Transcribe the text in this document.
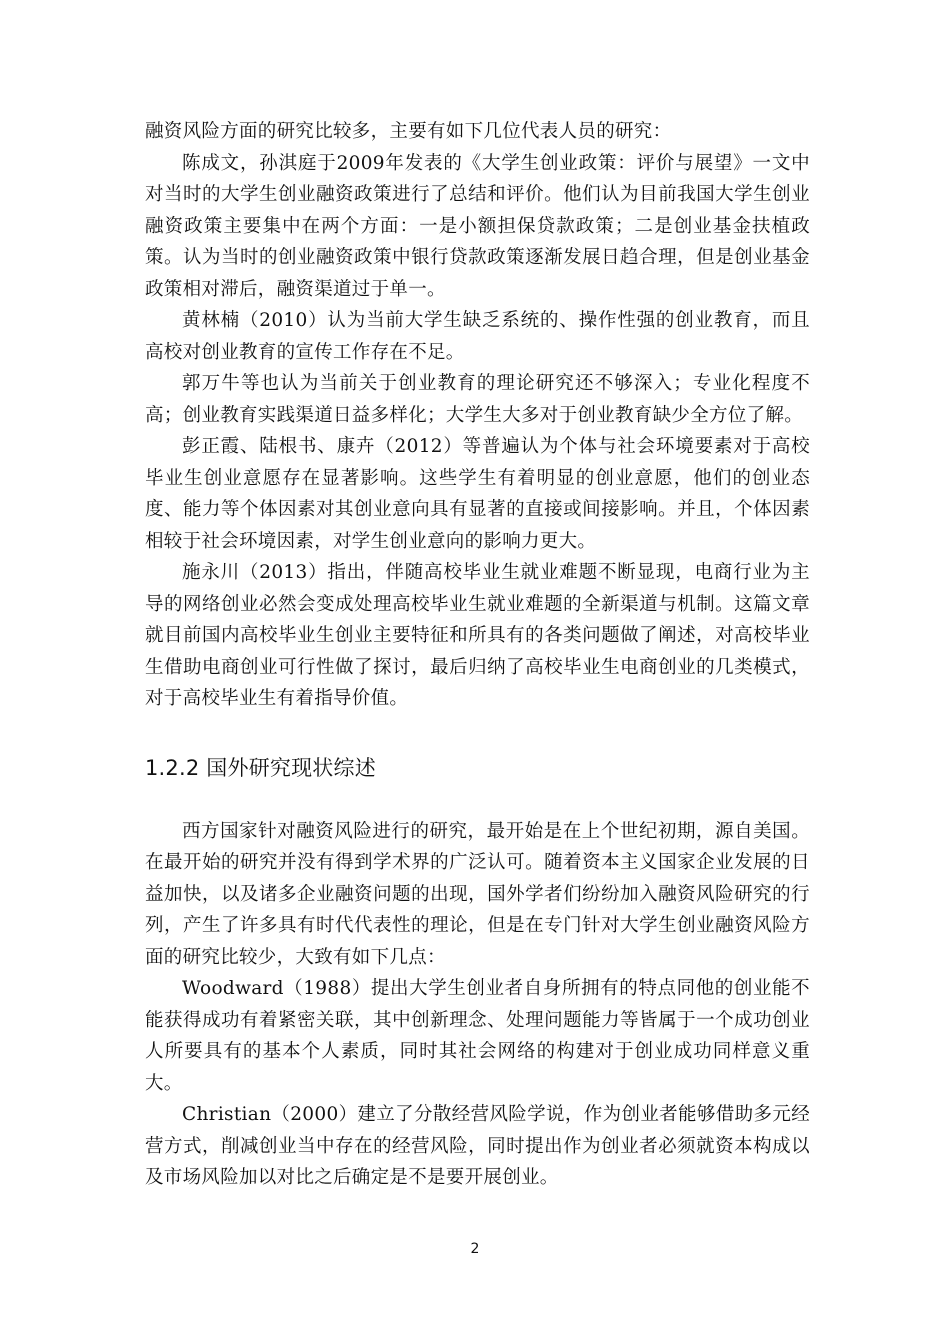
融资风险方面的研究比较多，主要有如下几位代表人员的研究：

陈成文，孙淇庭于2009年发表的《大学生创业政策：评价与展望》一文中对当时的大学生创业融资政策进行了总结和评价。他们认为目前我国大学生创业融资政策主要集中在两个方面：一是小额担保贷款政策；二是创业基金扶植政策。认为当时的创业融资政策中银行贷款政策逐渐发展日趋合理，但是创业基金政策相对滞后，融资渠道过于单一。

黄林楠（2010）认为当前大学生缺乏系统的、操作性强的创业教育，而且高校对创业教育的宣传工作存在不足。

郭万牛等也认为当前关于创业教育的理论研究还不够深入；专业化程度不高；创业教育实践渠道日益多样化；大学生大多对于创业教育缺少全方位了解。

彭正霞、陆根书、康卉（2012）等普遍认为个体与社会环境要素对于高校毕业生创业意愿存在显著影响。这些学生有着明显的创业意愿，他们的创业态度、能力等个体因素对其创业意向具有显著的直接或间接影响。并且，个体因素相较于社会环境因素，对学生创业意向的影响力更大。

施永川（2013）指出，伴随高校毕业生就业难题不断显现，电商行业为主导的网络创业必然会变成处理高校毕业生就业难题的全新渠道与机制。这篇文章就目前国内高校毕业生创业主要特征和所具有的各类问题做了阐述，对高校毕业生借助电商创业可行性做了探讨，最后归纳了高校毕业生电商创业的几类模式，对于高校毕业生有着指导价值。

1.2.2 国外研究现状综述

西方国家针对融资风险进行的研究，最开始是在上个世纪初期，源自美国。在最开始的研究并没有得到学术界的广泛认可。随着资本主义国家企业发展的日益加快，以及诸多企业融资问题的出现，国外学者们纷纷加入融资风险研究的行列，产生了许多具有时代代表性的理论，但是在专门针对大学生创业融资风险方面的研究比较少，大致有如下几点：

Woodward（1988）提出大学生创业者自身所拥有的特点同他的创业能不能获得成功有着紧密关联，其中创新理念、处理问题能力等皆属于一个成功创业人所要具有的基本个人素质，同时其社会网络的构建对于创业成功同样意义重大。

Christian（2000）建立了分散经营风险学说，作为创业者能够借助多元经营方式，削减创业当中存在的经营风险，同时提出作为创业者必须就资本构成以及市场风险加以对比之后确定是不是要开展创业。

2
